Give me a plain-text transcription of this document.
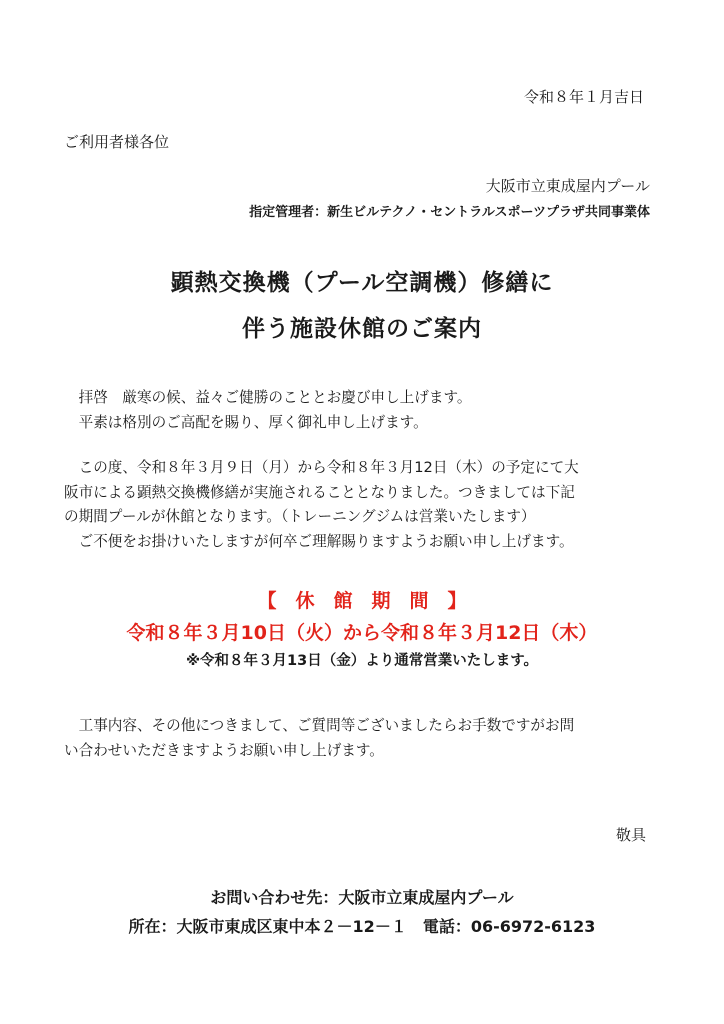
令和８年１月吉日
ご利用者様各位
大阪市立東成屋内プール
指定管理者：新生ビルテクノ・セントラルスポーツプラザ共同事業体
顕熱交換機（プール空調機）修繕に
伴う施設休館のご案内

拝啓　厳寒の候、益々ご健勝のこととお慶び申し上げます。

平素は格別のご高配を賜り、厚く御礼申し上げます。

この度、令和８年３月９日（月）から令和８年３月12日（木）の予定にて大

阪市による顕熱交換機修繕が実施されることとなりました。つきましては下記

の期間プールが休館となります。（トレーニングジムは営業いたします）

ご不便をお掛けいたしますが何卒ご理解賜りますようお願い申し上げます。

【　休　館　期　間　】
令和８年３月10日（火）から令和８年３月12日（木）
※令和８年３月13日（金）より通常営業いたします。

工事内容、その他につきまして、ご質問等ございましたらお手数ですがお問

い合わせいただきますようお願い申し上げます。

敬具
お問い合わせ先：大阪市立東成屋内プール
所在：大阪市東成区東中本２－12－１　電話：06-6972-6123
